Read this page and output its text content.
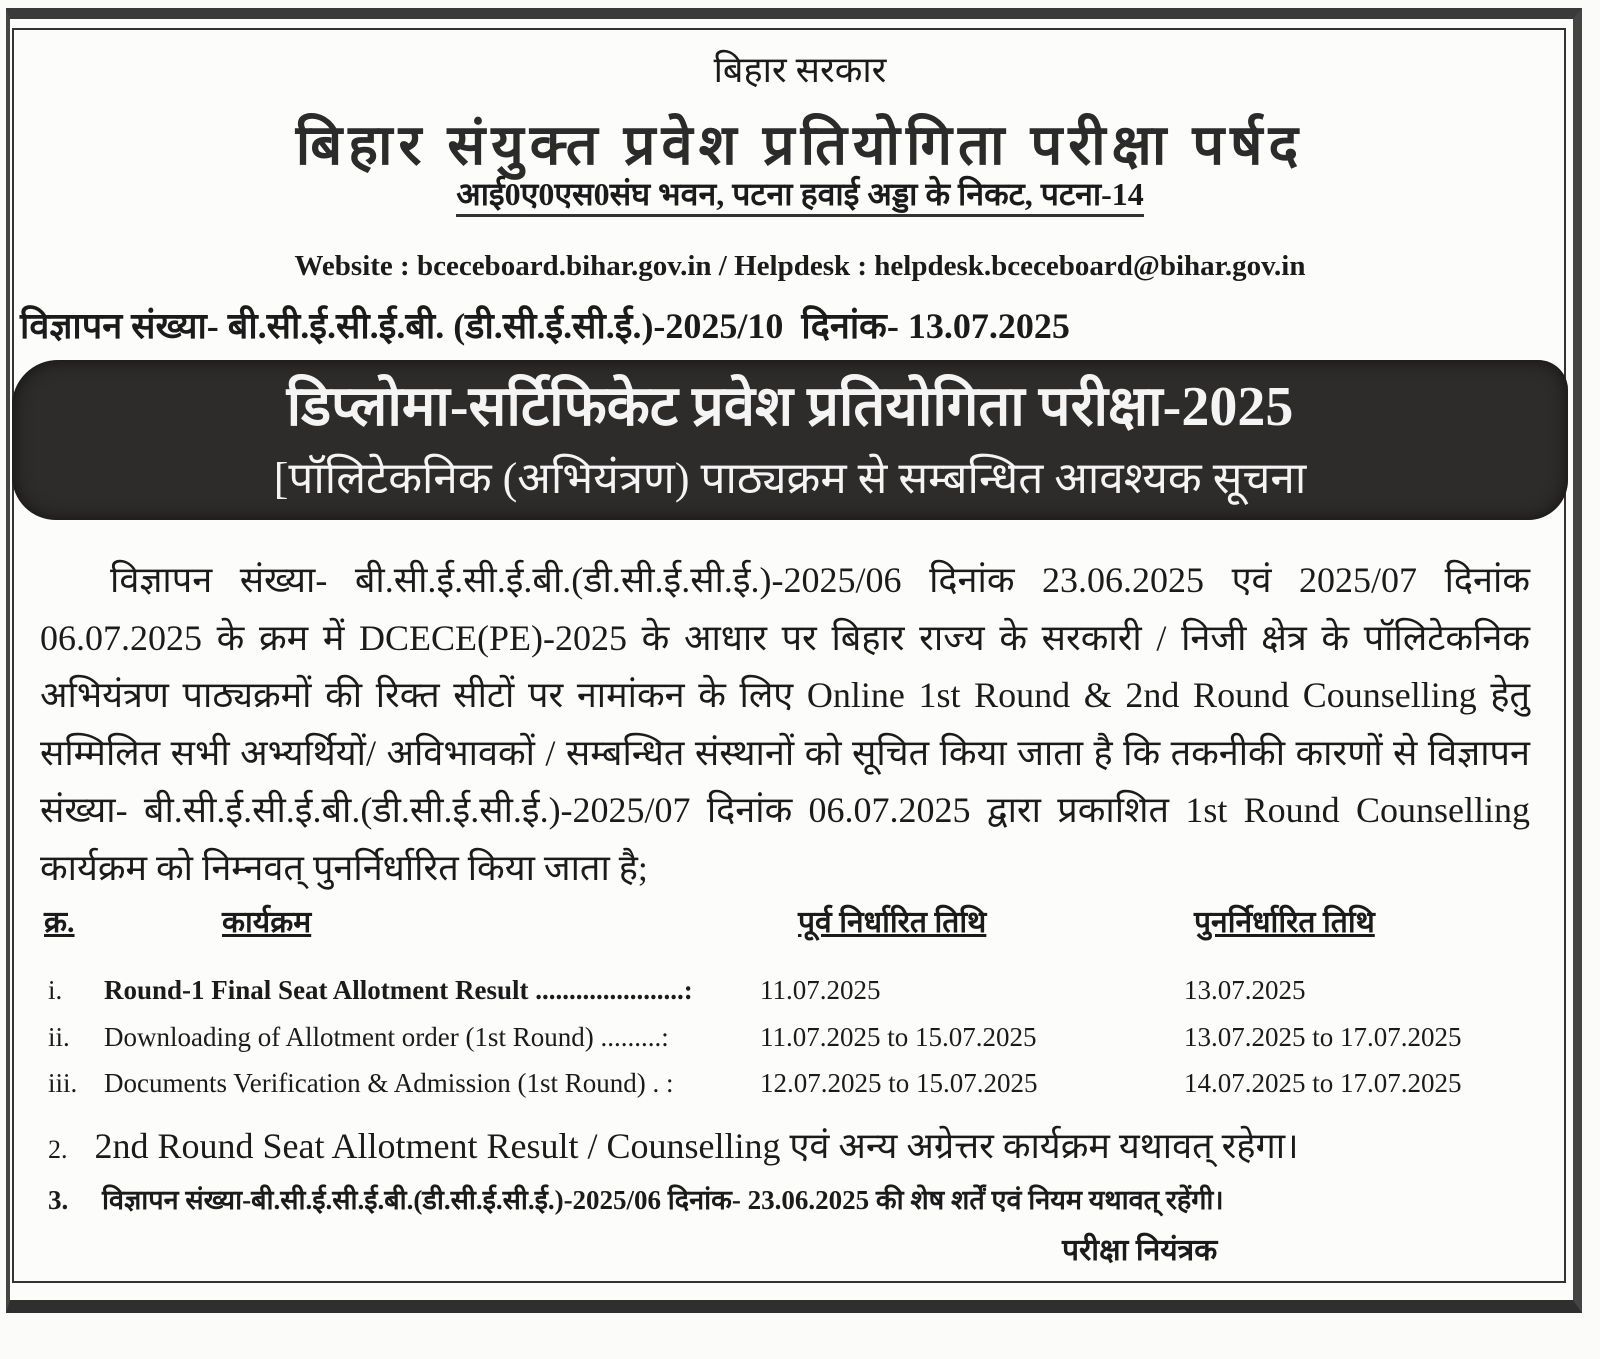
बिहार सरकार
बिहार संयुक्त प्रवेश प्रतियोगिता परीक्षा पर्षद
आई0ए0एस0संघ भवन, पटना हवाई अड्डा के निकट, पटना-14
Website : bceceboard.bihar.gov.in / Helpdesk : helpdesk.bceceboard@bihar.gov.in
विज्ञापन संख्या- बी.सी.ई.सी.ई.बी. (डी.सी.ई.सी.ई.)-2025/10 दिनांक- 13.07.2025
डिप्लोमा-सर्टिफिकेट प्रवेश प्रतियोगिता परीक्षा-2025
[पॉलिटेकनिक (अभियंत्रण) पाठ्यक्रम से सम्बन्धित आवश्यक सूचना
विज्ञापन संख्या- बी.सी.ई.सी.ई.बी.(डी.सी.ई.सी.ई.)-2025/06 दिनांक 23.06.2025 एवं 2025/07 दिनांक 06.07.2025 के क्रम में DCECE(PE)-2025 के आधार पर बिहार राज्य के सरकारी / निजी क्षेत्र के पॉलिटेकनिक अभियंत्रण पाठ्यक्रमों की रिक्त सीटों पर नामांकन के लिए Online 1st Round & 2nd Round Counselling हेतु सम्मिलित सभी अभ्यर्थियों/ अविभावकों / सम्बन्धित संस्थानों को सूचित किया जाता है कि तकनीकी कारणों से विज्ञापन संख्या- बी.सी.ई.सी.ई.बी.(डी.सी.ई.सी.ई.)-2025/07 दिनांक 06.07.2025 द्वारा प्रकाशित 1st Round Counselling कार्यक्रम को निम्नवत् पुनर्निर्धारित किया जाता है;
क्र.	कार्यक्रम	पूर्व निर्धारित तिथि	पुनर्निर्धारित तिथि
i. Round-1 Final Seat Allotment Result ......................: 11.07.2025	13.07.2025
ii. Downloading of Allotment order (1st Round) .........:	11.07.2025 to 15.07.2025	13.07.2025 to 17.07.2025
iii. Documents Verification & Admission (1st Round) . :	12.07.2025 to 15.07.2025	14.07.2025 to 17.07.2025
2. 2nd Round Seat Allotment Result / Counselling एवं अन्य अग्रेत्तर कार्यक्रम यथावत् रहेगा।
3. विज्ञापन संख्या-बी.सी.ई.सी.ई.बी.(डी.सी.ई.सी.ई.)-2025/06 दिनांक- 23.06.2025 की शेष शर्तें एवं नियम यथावत् रहेंगी।
परीक्षा नियंत्रक
